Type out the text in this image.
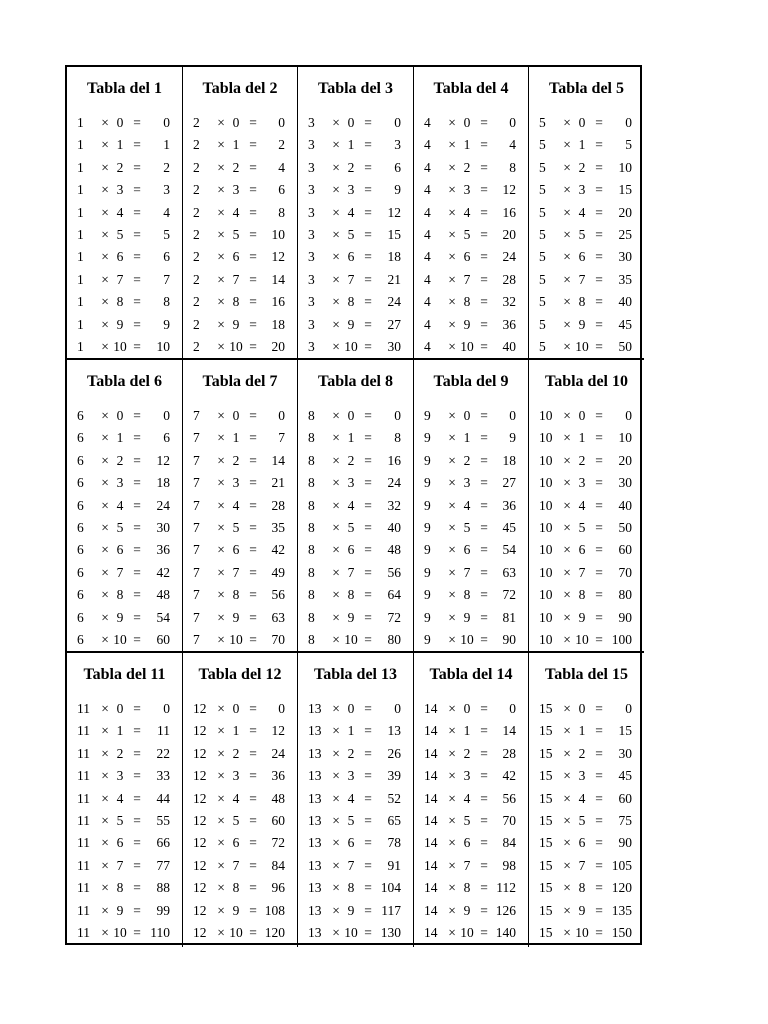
Tabla del 1
1	× 0 =	0
1	× 1 =	1
1	× 2 =	2
1	× 3 =	3
1	× 4 =	4
1	× 5 =	5
1	× 6 =	6
1	× 7 =	7
1	× 8 =	8
1	× 9 =	9
1	× 10 =	10
Tabla del 2
2	× 0 =	0
2	× 1 =	2
2	× 2 =	4
2	× 3 =	6
2	× 4 =	8
2	× 5 =	10
2	× 6 =	12
2	× 7 =	14
2	× 8 =	16
2	× 9 =	18
2	× 10 =	20
Tabla del 3
3	× 0 =	0
3	× 1 =	3
3	× 2 =	6
3	× 3 =	9
3	× 4 =	12
3	× 5 =	15
3	× 6 =	18
3	× 7 =	21
3	× 8 =	24
3	× 9 =	27
3	× 10 =	30
Tabla del 4
4	× 0 =	0
4	× 1 =	4
4	× 2 =	8
4	× 3 =	12
4	× 4 =	16
4	× 5 =	20
4	× 6 =	24
4	× 7 =	28
4	× 8 =	32
4	× 9 =	36
4	× 10 =	40
Tabla del 5
5	× 0 =	0
5	× 1 =	5
5	× 2 =	10
5	× 3 =	15
5	× 4 =	20
5	× 5 =	25
5	× 6 =	30
5	× 7 =	35
5	× 8 =	40
5	× 9 =	45
5	× 10 =	50
Tabla del 6
6	× 0 =	0
6	× 1 =	6
6	× 2 =	12
6	× 3 =	18
6	× 4 =	24
6	× 5 =	30
6	× 6 =	36
6	× 7 =	42
6	× 8 =	48
6	× 9 =	54
6	× 10 =	60
Tabla del 7
7	× 0 =	0
7	× 1 =	7
7	× 2 =	14
7	× 3 =	21
7	× 4 =	28
7	× 5 =	35
7	× 6 =	42
7	× 7 =	49
7	× 8 =	56
7	× 9 =	63
7	× 10 =	70
Tabla del 8
8	× 0 =	0
8	× 1 =	8
8	× 2 =	16
8	× 3 =	24
8	× 4 =	32
8	× 5 =	40
8	× 6 =	48
8	× 7 =	56
8	× 8 =	64
8	× 9 =	72
8	× 10 =	80
Tabla del 9
9	× 0 =	0
9	× 1 =	9
9	× 2 =	18
9	× 3 =	27
9	× 4 =	36
9	× 5 =	45
9	× 6 =	54
9	× 7 =	63
9	× 8 =	72
9	× 9 =	81
9	× 10 =	90
Tabla del 10
10 × 0 =	0
10 × 1 =	10
10 × 2 =	20
10 × 3 =	30
10 × 4 =	40
10 × 5 =	50
10 × 6 =	60
10 × 7 =	70
10 × 8 =	80
10 × 9 =	90
10 × 10 = 100
Tabla del 11
11 × 0 =	0
11 × 1 =	11
11 × 2 =	22
11 × 3 =	33
11 × 4 =	44
11 × 5 =	55
11 × 6 =	66
11 × 7 =	77
11 × 8 =	88
11 × 9 =	99
11 × 10 = 110
Tabla del 12
12 × 0 =	0
12 × 1 =	12
12 × 2 =	24
12 × 3 =	36
12 × 4 =	48
12 × 5 =	60
12 × 6 =	72
12 × 7 =	84
12 × 8 =	96
12 × 9 = 108
12 × 10 = 120
Tabla del 13
13 × 0 =	0
13 × 1 =	13
13 × 2 =	26
13 × 3 =	39
13 × 4 =	52
13 × 5 =	65
13 × 6 =	78
13 × 7 =	91
13 × 8 = 104
13 × 9 = 117
13 × 10 = 130
Tabla del 14
14 × 0 =	0
14 × 1 =	14
14 × 2 =	28
14 × 3 =	42
14 × 4 =	56
14 × 5 =	70
14 × 6 =	84
14 × 7 =	98
14 × 8 = 112
14 × 9 = 126
14 × 10 = 140
Tabla del 15
15 × 0 =	0
15 × 1 =	15
15 × 2 =	30
15 × 3 =	45
15 × 4 =	60
15 × 5 =	75
15 × 6 =	90
15 × 7 = 105
15 × 8 = 120
15 × 9 = 135
15 × 10 = 150
